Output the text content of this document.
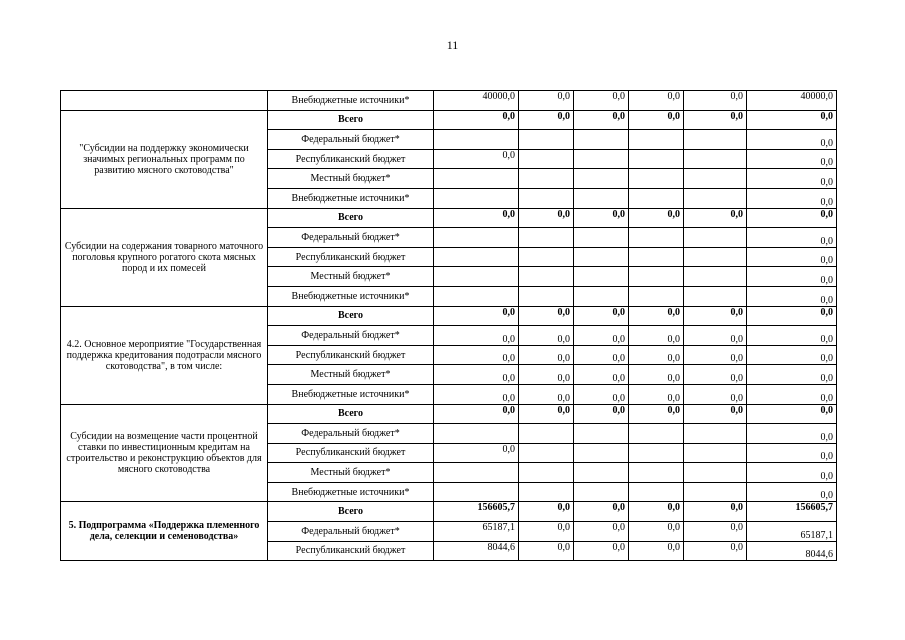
11
	Внебюджетные источники*	40000,0	0,0	0,0	0,0	0,0	40000,0
"Субсидии на поддержку экономически значимых региональных программ по развитию мясного скотоводства"	Всего	0,0	0,0	0,0	0,0	0,0	0,0
	Федеральный бюджет*						0,0
	Республиканский бюджет	0,0					0,0
	Местный бюджет*						0,0
	Внебюджетные источники*						0,0
Субсидии на содержания товарного маточного поголовья крупного рогатого скота мясных пород и их помесей	Всего	0,0	0,0	0,0	0,0	0,0	0,0
	Федеральный бюджет*						0,0
	Республиканский бюджет						0,0
	Местный бюджет*						0,0
	Внебюджетные источники*						0,0
4.2. Основное мероприятие "Государственная поддержка кредитования подотрасли мясного скотоводства", в том числе:	Всего	0,0	0,0	0,0	0,0	0,0	0,0
	Федеральный бюджет*	0,0	0,0	0,0	0,0	0,0	0,0
	Республиканский бюджет	0,0	0,0	0,0	0,0	0,0	0,0
	Местный бюджет*	0,0	0,0	0,0	0,0	0,0	0,0
	Внебюджетные источники*	0,0	0,0	0,0	0,0	0,0	0,0
Субсидии на возмещение части процентной ставки по инвестиционным кредитам на строительство и реконструкцию объектов для мясного скотоводства	Всего	0,0	0,0	0,0	0,0	0,0	0,0
	Федеральный бюджет*						0,0
	Республиканский бюджет	0,0					0,0
	Местный бюджет*						0,0
	Внебюджетные источники*						0,0
5. Подпрограмма «Поддержка племенного дела, селекции и семеноводства»	Всего	156605,7	0,0	0,0	0,0	0,0	156605,7
	Федеральный бюджет*	65187,1	0,0	0,0	0,0	0,0	65187,1
	Республиканский бюджет	8044,6	0,0	0,0	0,0	0,0	8044,6
